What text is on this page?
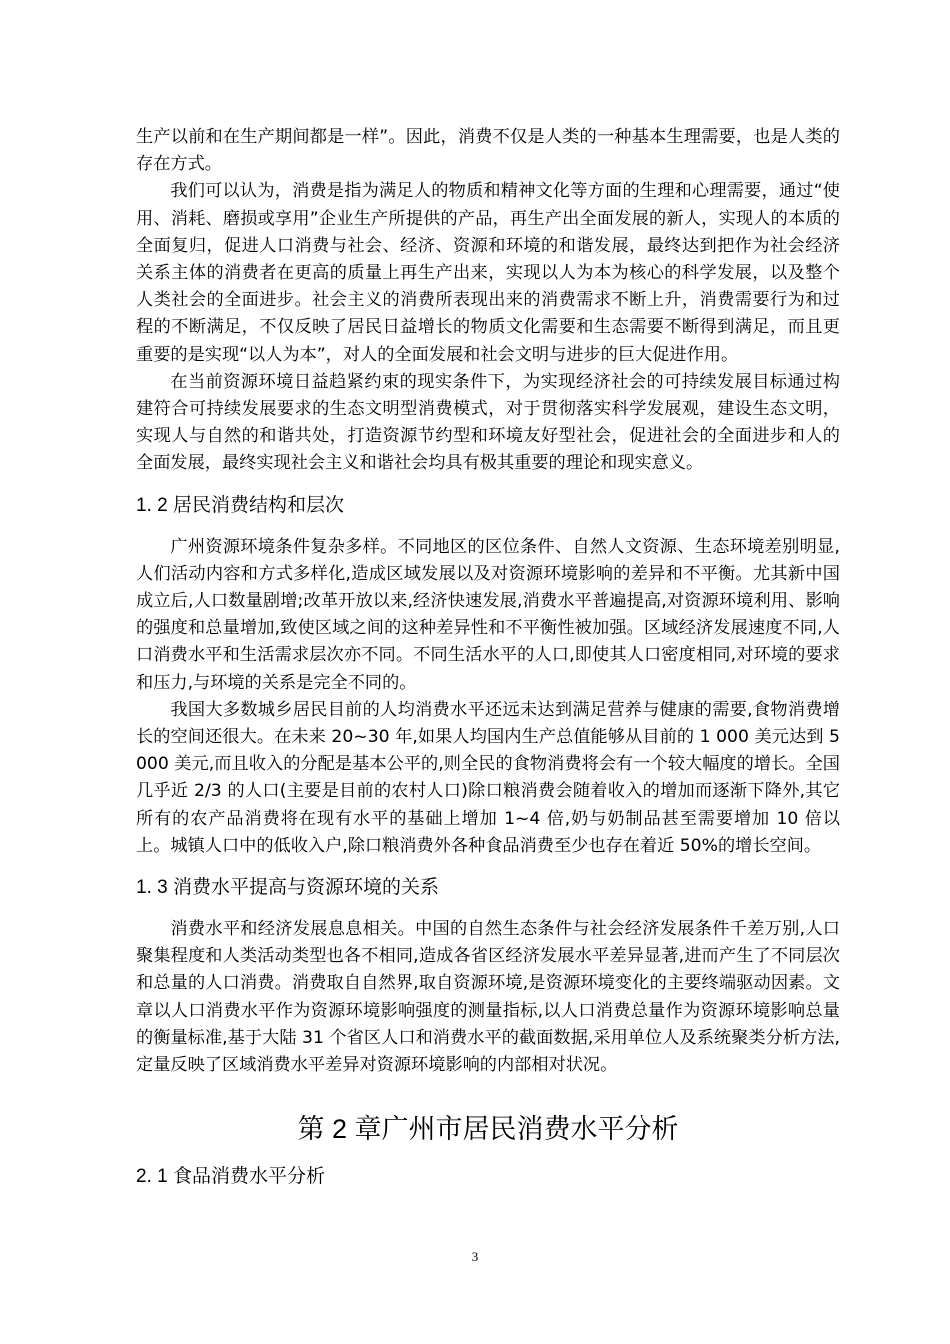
生产以前和在生产期间都是一样”。因此，消费不仅是人类的一种基本生理需要，也是人类的存在方式。

我们可以认为，消费是指为满足人的物质和精神文化等方面的生理和心理需要，通过“使用、消耗、磨损或享用”企业生产所提供的产品，再生产出全面发展的新人，实现人的本质的全面复归，促进人口消费与社会、经济、资源和环境的和谐发展，最终达到把作为社会经济关系主体的消费者在更高的质量上再生产出来，实现以人为本为核心的科学发展，以及整个人类社会的全面进步。社会主义的消费所表现出来的消费需求不断上升，消费需要行为和过程的不断满足，不仅反映了居民日益增长的物质文化需要和生态需要不断得到满足，而且更重要的是实现“以人为本”，对人的全面发展和社会文明与进步的巨大促进作用。

在当前资源环境日益趋紧约束的现实条件下，为实现经济社会的可持续发展目标通过构建符合可持续发展要求的生态文明型消费模式，对于贯彻落实科学发展观，建设生态文明，实现人与自然的和谐共处，打造资源节约型和环境友好型社会，促进社会的全面进步和人的全面发展，最终实现社会主义和谐社会均具有极其重要的理论和现实意义。

1. 2 居民消费结构和层次

广州资源环境条件复杂多样。不同地区的区位条件、自然人文资源、生态环境差别明显,人们活动内容和方式多样化,造成区域发展以及对资源环境影响的差异和不平衡。尤其新中国成立后,人口数量剧增;改革开放以来,经济快速发展,消费水平普遍提高,对资源环境利用、影响的强度和总量增加,致使区域之间的这种差异性和不平衡性被加强。区域经济发展速度不同,人口消费水平和生活需求层次亦不同。不同生活水平的人口,即使其人口密度相同,对环境的要求和压力,与环境的关系是完全不同的。

我国大多数城乡居民目前的人均消费水平还远未达到满足营养与健康的需要,食物消费增长的空间还很大。在未来 20~30 年,如果人均国内生产总值能够从目前的 1 000 美元达到 5 000 美元,而且收入的分配是基本公平的,则全民的食物消费将会有一个较大幅度的增长。全国几乎近 2/3 的人口(主要是目前的农村人口)除口粮消费会随着收入的增加而逐渐下降外,其它所有的农产品消费将在现有水平的基础上增加 1~4 倍,奶与奶制品甚至需要增加 10 倍以上。城镇人口中的低收入户,除口粮消费外各种食品消费至少也存在着近 50%的增长空间。

1. 3 消费水平提高与资源环境的关系

消费水平和经济发展息息相关。中国的自然生态条件与社会经济发展条件千差万别,人口聚集程度和人类活动类型也各不相同,造成各省区经济发展水平差异显著,进而产生了不同层次和总量的人口消费。消费取自自然界,取自资源环境,是资源环境变化的主要终端驱动因素。文章以人口消费水平作为资源环境影响强度的测量指标,以人口消费总量作为资源环境影响总量的衡量标准,基于大陆 31 个省区人口和消费水平的截面数据,采用单位人及系统聚类分析方法,定量反映了区域消费水平差异对资源环境影响的内部相对状况。

第 2 章广州市居民消费水平分析
2. 1 食品消费水平分析
3
